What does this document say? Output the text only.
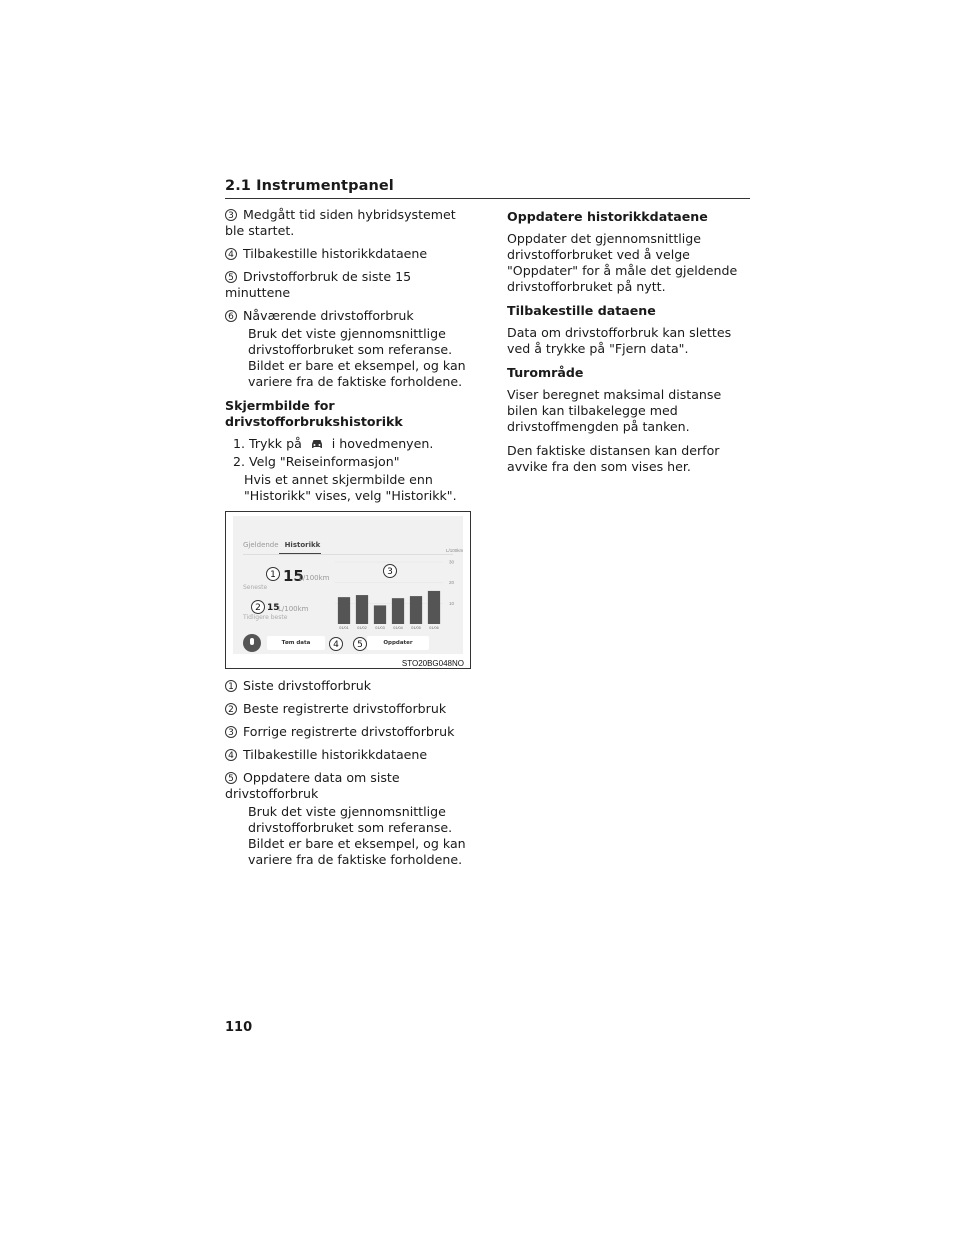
2.1 Instrumentpanel

3 Medgått tid siden hybridsystemet ble startet.

4 Tilbakestille historikkdataene

5 Drivstofforbruk de siste 15 minuttene

6 Nåværende drivstofforbruk

Bruk det viste gjennomsnittlige drivstofforbruket som referanse. Bildet er bare et eksempel, og kan variere fra de faktiske forholdene.

Skjermbilde for drivstofforbrukshistorikk

1. Trykk på i hovedmenyen.

2. Velg "Reiseinformasjon"

Hvis et annet skjermbilde enn "Historikk" vises, velg "Historikk".

Gjeldende Historikk
15
L/100km
Seneste
15
L/100km
Tidligere beste
L/100km
10
20
30
01/01 01/02 01/03 01/04 01/05 01/06
Tøm data	Oppdater
1
2
3
4	5
STO20BG048NO

1 Siste drivstofforbruk

2 Beste registrerte drivstofforbruk

3 Forrige registrerte drivstofforbruk

4 Tilbakestille historikkdataene

5 Oppdatere data om siste drivstofforbruk

Bruk det viste gjennomsnittlige drivstofforbruket som referanse. Bildet er bare et eksempel, og kan variere fra de faktiske forholdene.

Oppdatere historikkdataene

Oppdater det gjennomsnittlige drivstofforbruket ved å velge "Oppdater" for å måle det gjeldende drivstofforbruket på nytt.

Tilbakestille dataene

Data om drivstofforbruk kan slettes ved å trykke på "Fjern data".

Turområde

Viser beregnet maksimal distanse bilen kan tilbakelegge med drivstoffmengden på tanken.

Den faktiske distansen kan derfor avvike fra den som vises her.

110
